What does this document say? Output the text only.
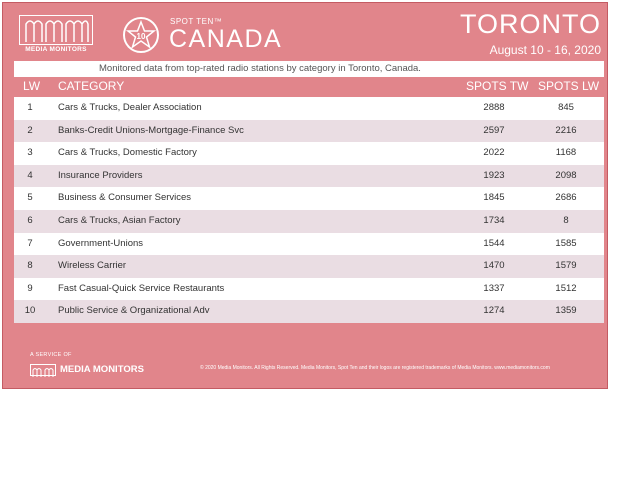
MEDIA MONITORS
10
SPOT TEN™
CANADA	TORONTO
August 10 - 16, 2020
Monitored data from top-rated radio stations by category in Toronto, Canada.
LW CATEGORY	SPOTS TW SPOTS LW
1	Cars & Trucks, Dealer Association	2888	845
2	Banks-Credit Unions-Mortgage-Finance Svc	2597	2216
3	Cars & Trucks, Domestic Factory	2022	1168
4	Insurance Providers	1923	2098
5	Business & Consumer Services	1845	2686
6	Cars & Trucks, Asian Factory	1734	8
7	Government-Unions	1544	1585
8	Wireless Carrier	1470	1579
9	Fast Casual-Quick Service Restaurants	1337	1512
10	Public Service & Organizational Adv	1274	1359
A SERVICE OF
MEDIA MONITORS	© 2020 Media Monitors. All Rights Reserved. Media Monitors, Spot Ten and their logos are registered trademarks of Media Monitors. www.mediamonitors.com
